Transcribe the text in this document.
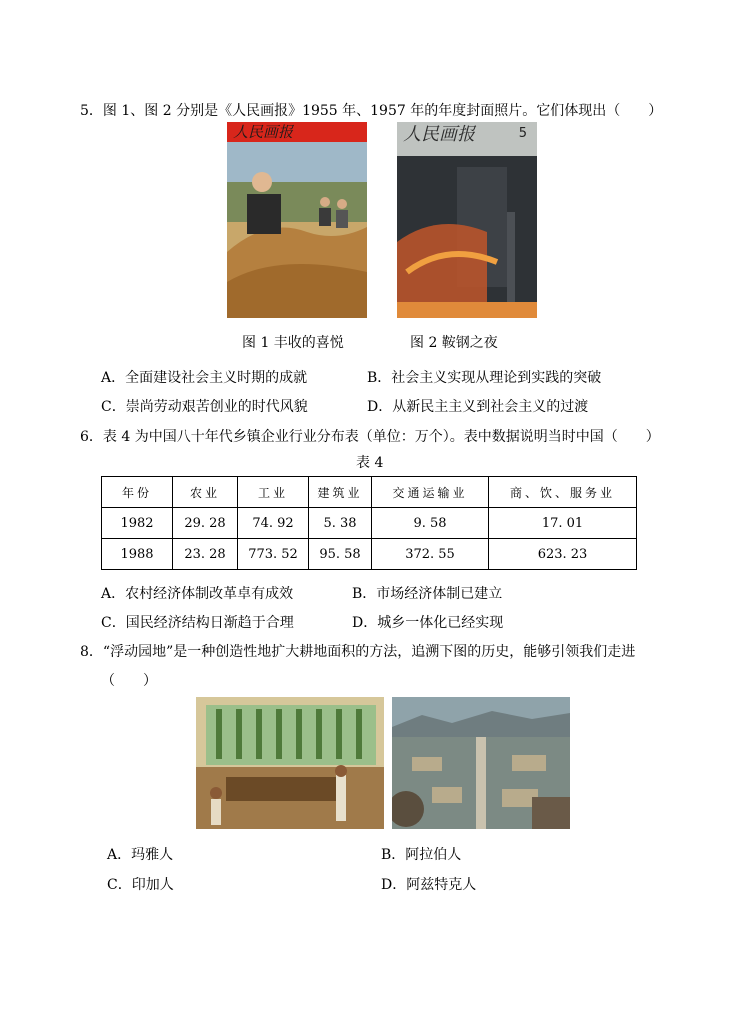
5．图 1、图 2 分别是《人民画报》1955 年、1957 年的年度封面照片。它们体现出（　　）
人民画报	人民画报	5
图 1 丰收的喜悦	图 2 鞍钢之夜
A．全面建设社会主义时期的成就	B．社会主义实现从理论到实践的突破
C．崇尚劳动艰苦创业的时代风貌	D．从新民主主义到社会主义的过渡
6．表 4 为中国八十年代乡镇企业行业分布表（单位：万个）。表中数据说明当时中国（　　）
表 4
年份	农业	工业	建筑业	交通运输业	商、饮、服务业
1982	29. 28	74. 92	5. 38	9. 58	17. 01
1988	23. 28	773. 52	95. 58	372. 55	623. 23
A．农村经济体制改革卓有成效	B．市场经济体制已建立
C．国民经济结构日渐趋于合理	D．城乡一体化已经实现
8．“浮动园地”是一种创造性地扩大耕地面积的方法，追溯下图的历史，能够引领我们走进
（　　）
A．玛雅人	B．阿拉伯人
C．印加人	D．阿兹特克人
